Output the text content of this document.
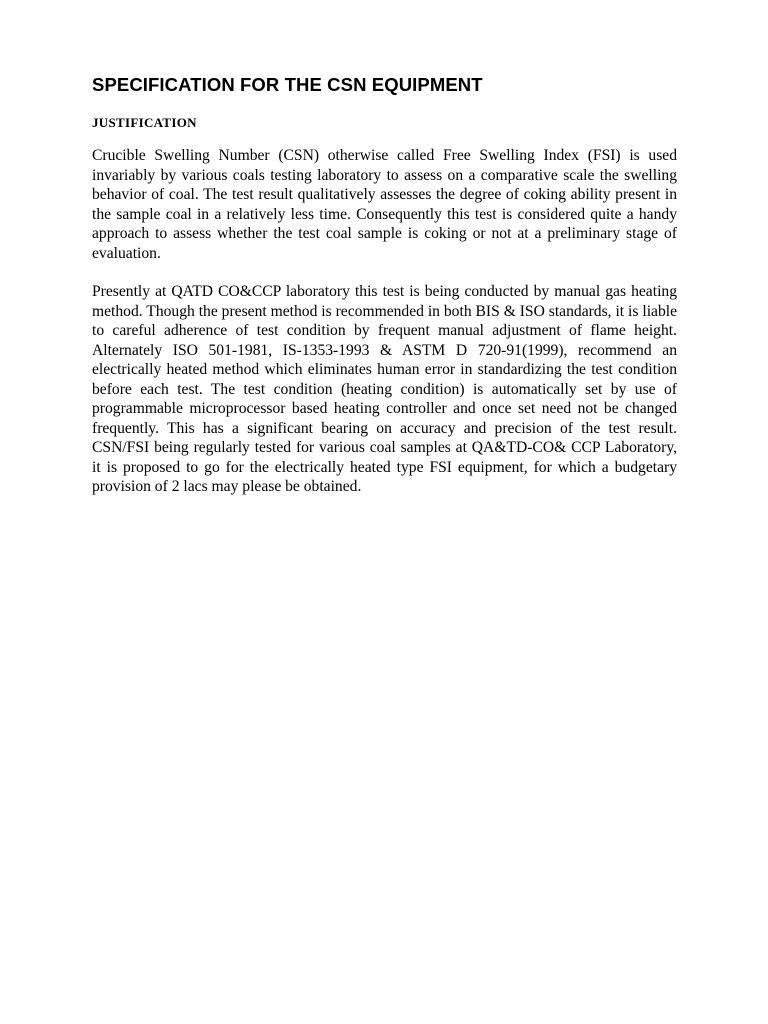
SPECIFICATION FOR THE CSN EQUIPMENT
JUSTIFICATION

Crucible Swelling Number (CSN) otherwise called Free Swelling Index (FSI) is used invariably by various coals testing laboratory to assess on a comparative scale the swelling behavior of coal. The test result qualitatively assesses the degree of coking ability present in the sample coal in a relatively less time. Consequently this test is considered quite a handy approach to assess whether the test coal sample is coking or not at a preliminary stage of evaluation.

Presently at QATD CO&CCP laboratory this test is being conducted by manual gas heating method. Though the present method is recommended in both BIS & ISO standards, it is liable to careful adherence of test condition by frequent manual adjustment of flame height. Alternately ISO 501-1981, IS-1353-1993 & ASTM D 720-91(1999), recommend an electrically heated method which eliminates human error in standardizing the test condition before each test. The test condition (heating condition) is automatically set by use of programmable microprocessor based heating controller and once set need not be changed frequently. This has a significant bearing on accuracy and precision of the test result. CSN/FSI being regularly tested for various coal samples at QA&TD-CO& CCP Laboratory, it is proposed to go for the electrically heated type FSI equipment, for which a budgetary provision of 2 lacs may please be obtained.
